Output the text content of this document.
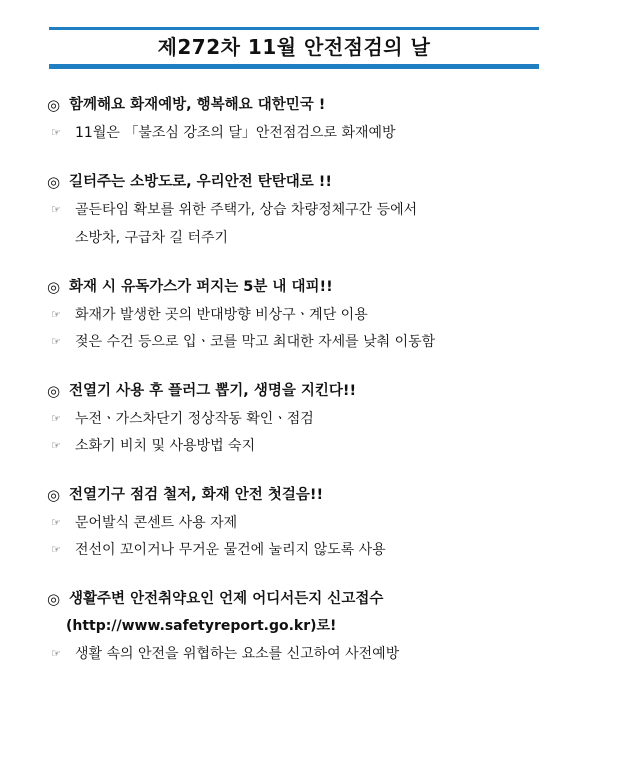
제272차 11월 안전점검의 날
◎ 함께해요 화재예방, 행복해요 대한민국 !
☞	11월은 「불조심 강조의 달」안전점검으로 화재예방
◎ 길터주는 소방도로, 우리안전 탄탄대로 !!
☞	골든타임 확보를 위한 주택가, 상습 차량정체구간 등에서
소방차, 구급차 길 터주기
◎ 화재 시 유독가스가 퍼지는 5분 내 대피!!
☞	화재가 발생한 곳의 반대방향 비상구ㆍ계단 이용
☞	젖은 수건 등으로 입ㆍ코를 막고 최대한 자세를 낮춰 이동함
◎ 전열기 사용 후 플러그 뽑기, 생명을 지킨다!!
☞	누전ㆍ가스차단기 정상작동 확인ㆍ점검
☞	소화기 비치 및 사용방법 숙지
◎ 전열기구 점검 철저, 화재 안전 첫걸음!!
☞	문어발식 콘센트 사용 자제
☞	전선이 꼬이거나 무거운 물건에 눌리지 않도록 사용
◎ 생활주변 안전취약요인 언제 어디서든지 신고접수
(http://www.safetyreport.go.kr)로!
☞	생활 속의 안전을 위협하는 요소를 신고하여 사전예방
